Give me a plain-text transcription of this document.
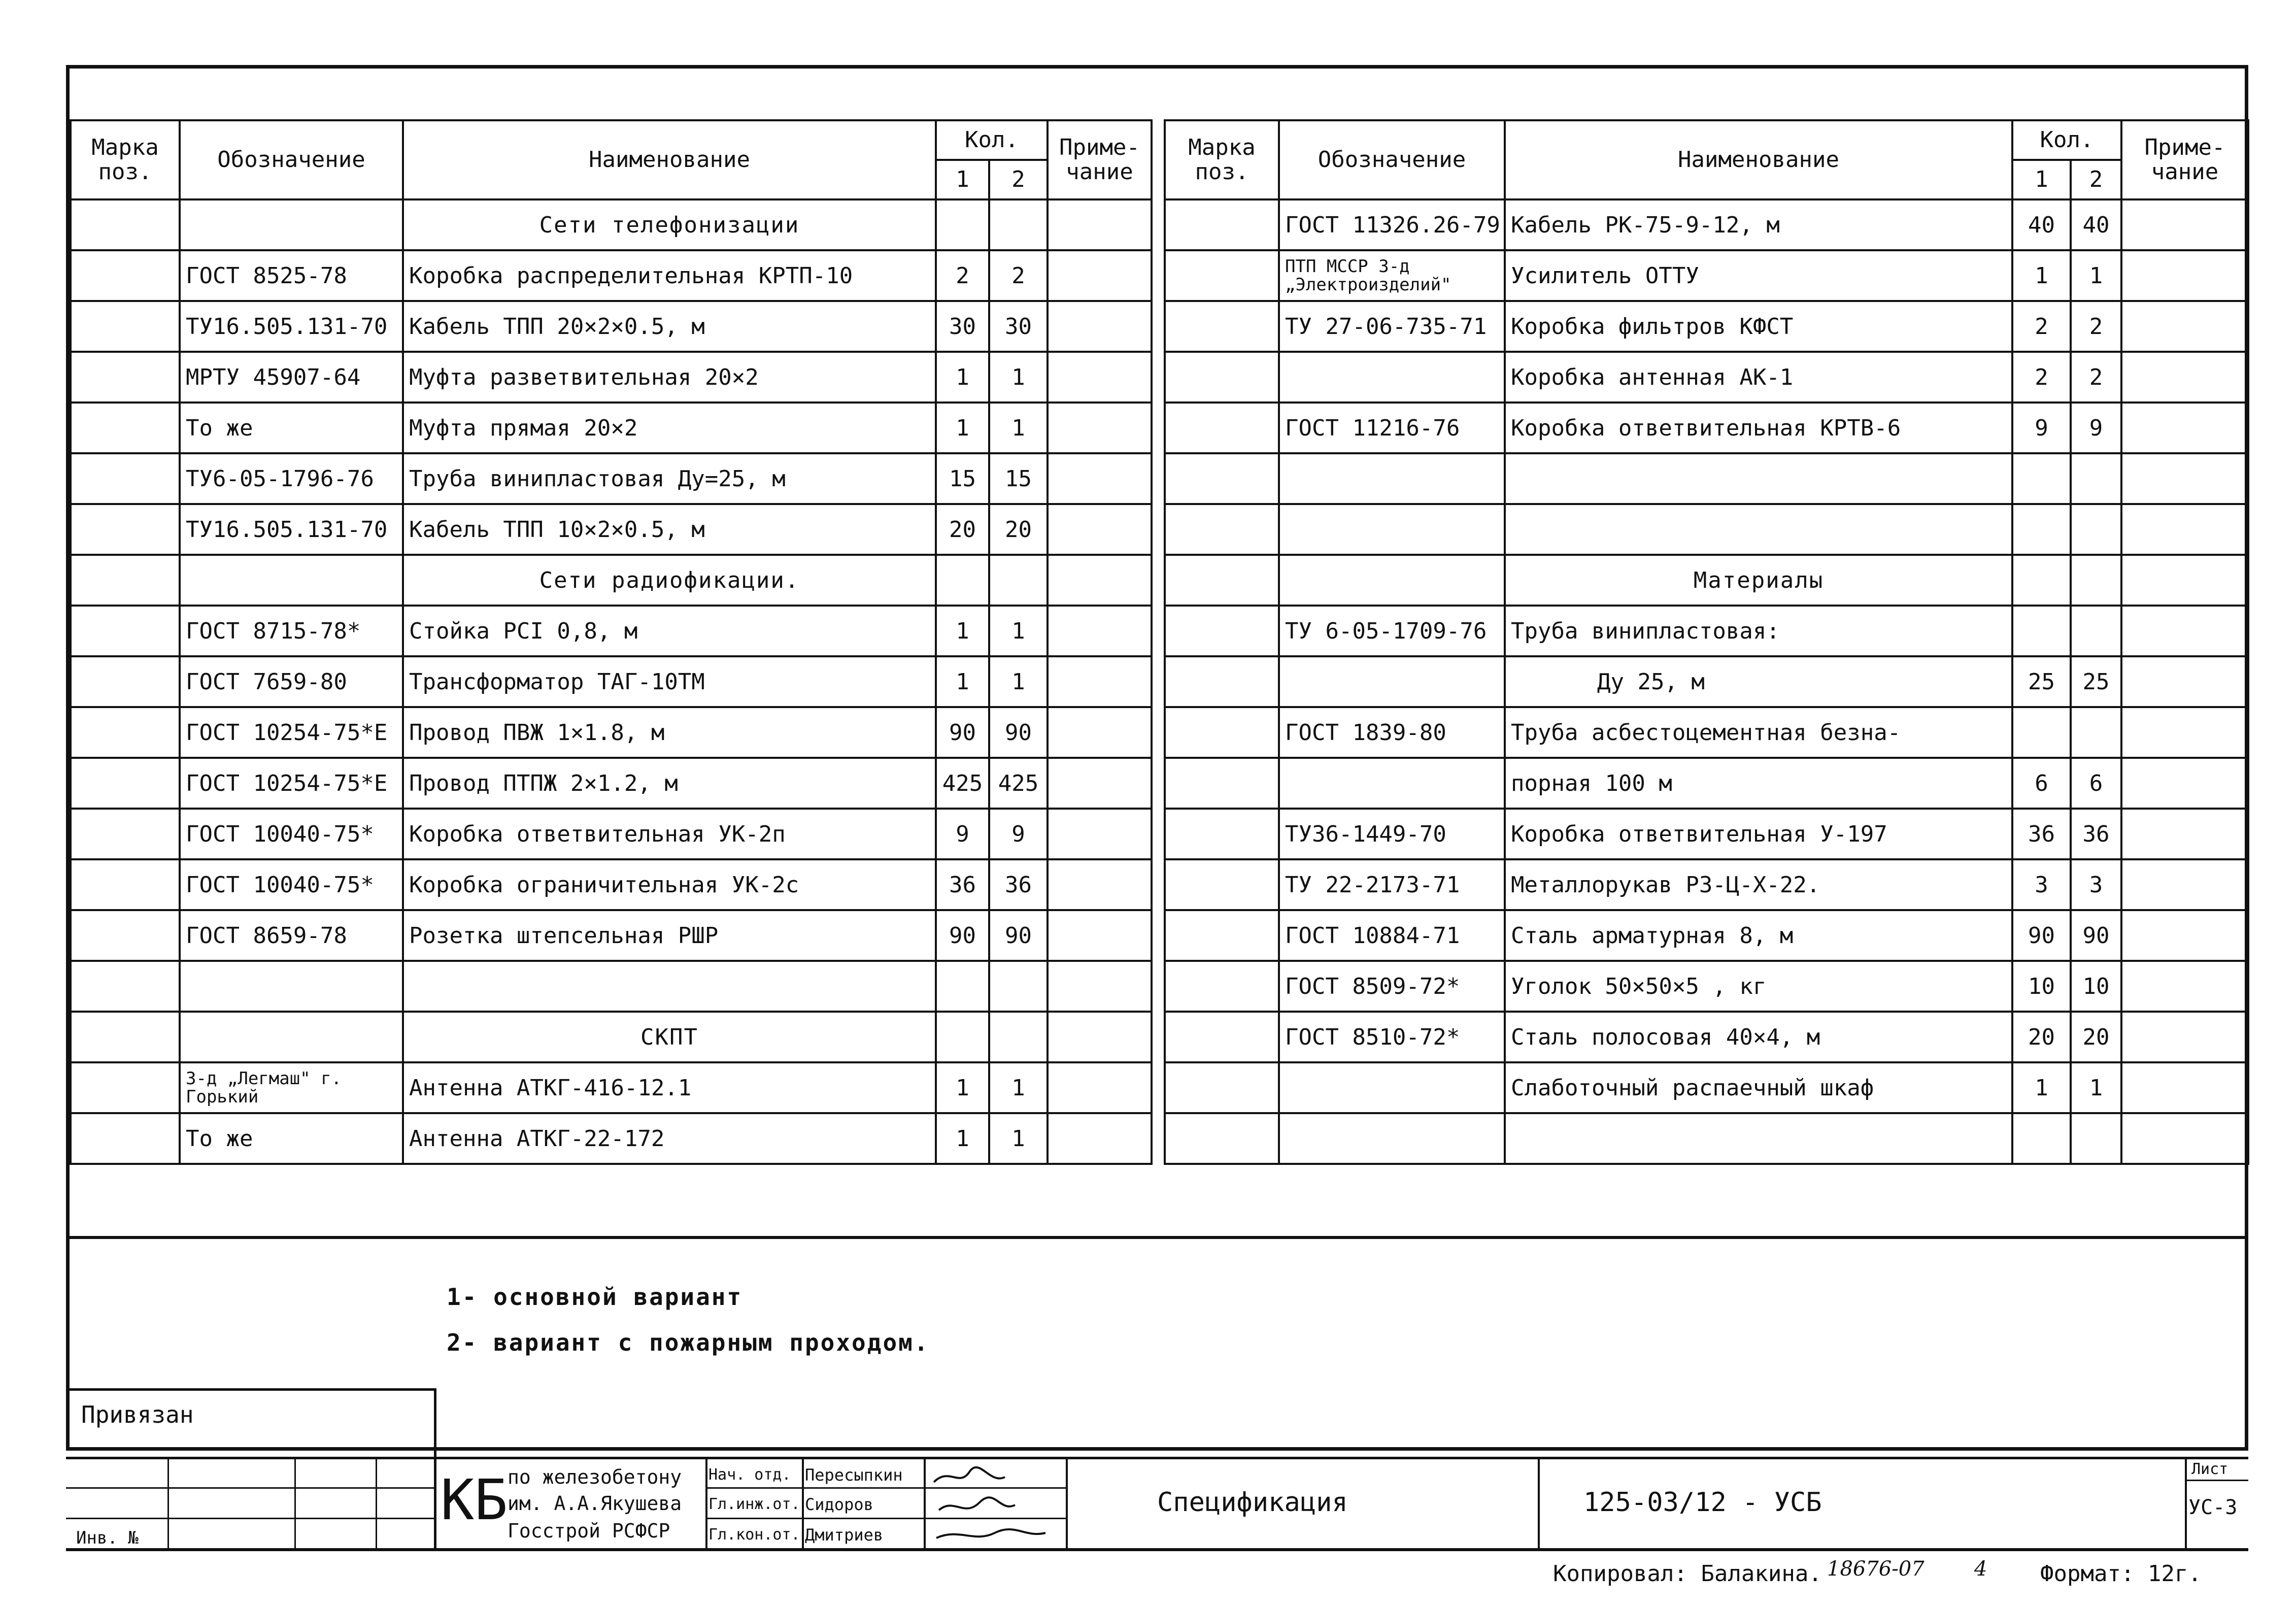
Марка поз.	Обозначение	Наименование	Кол.		Приме- чание
			1	2	
		Сети телефонизации			
	ГОСТ 8525-78	Коробка распределительная КРТП-10	2	2	
	ТУ16.505.131-70	Кабель ТПП 20×2×0.5, м	30	30	
	МРТУ 45907-64	Муфта разветвительная 20×2	1	1	
	То же	Муфта прямая 20×2	1	1	
	ТУ6-05-1796-76	Труба винипластовая Ду=25, м	15	15	
	ТУ16.505.131-70	Кабель ТПП 10×2×0.5, м	20	20	
		Сети радиофикации.			
	ГОСТ 8715-78*	Стойка РСI 0,8, м	1	1	
	ГОСТ 7659-80	Трансформатор ТАГ-10ТМ	1	1	
	ГОСТ 10254-75*Е	Провод ПВЖ 1×1.8, м	90	90	
	ГОСТ 10254-75*Е	Провод ПТПЖ 2×1.2, м	425	425	
	ГОСТ 10040-75*	Коробка ответвительная УК-2п	9	9	
	ГОСТ 10040-75*	Коробка ограничительная УК-2с	36	36	
	ГОСТ 8659-78	Розетка штепсельная РШР	90	90	

		СКПТ			
	З-д „Легмаш" г. Горький	Антенна АТКГ-416-12.1	1	1	
	То же	Антенна АТКГ-22-172	1	1	
Марка поз.	Обозначение	Наименование	Кол.		Приме- чание
			1	2	
	ГОСТ 11326.26-79	Кабель РК-75-9-12, м	40	40	
	ПТП МССР З-д „Электроизделий"	Усилитель ОТТУ	1	1	
	ТУ 27-06-735-71	Коробка фильтров КФСТ	2	2	
		Коробка антенная АК-1	2	2	
	ГОСТ 11216-76	Коробка ответвительная КРТВ-6	9	9	

		Материалы			
	ТУ 6-05-1709-76	Труба винипластовая:			
		Ду 25, м	25	25	
	ГОСТ 1839-80	Труба асбестоцементная безна-			
		порная 100 м	6	6	
	ТУ36-1449-70	Коробка ответвительная У-197	36	36	
	ТУ 22-2173-71	Металлорукав РЗ-Ц-Х-22.	3	3	
	ГОСТ 10884-71	Сталь арматурная 8, м	90	90	
	ГОСТ 8509-72*	Уголок 50×50×5 , кг	10	10	
	ГОСТ 8510-72*	Сталь полосовая 40×4, м	20	20	
		Слаботочный распаечный шкаф	1	1	

1- основной вариант
2- вариант с пожарным проходом.
Привязан
Инв. №
КБ по железобетону
им. А.А.Якушева
Госстрой РСФСР
Нач. отд.
Гл.инж.от.
Гл.кон.от.
Пересыпкин
Сидоров
Дмитриев
Спецификация	125-03/12 - УСБ
Лист
УС-3
Копировал: Балакина. 18676-07 4 Формат: 12г.
